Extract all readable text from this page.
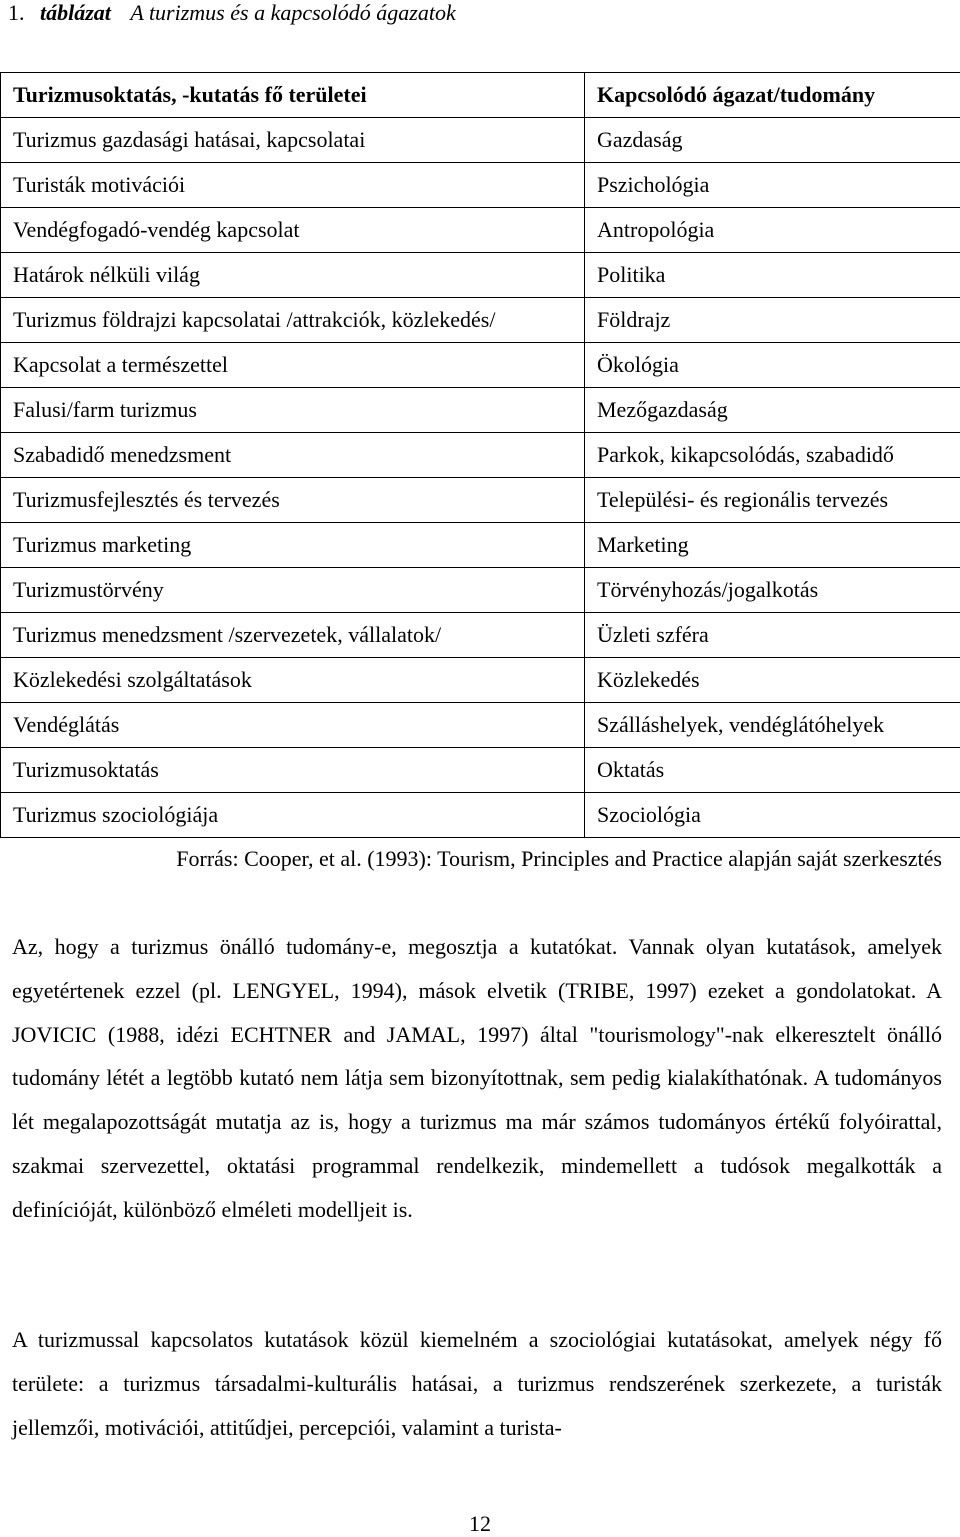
1. táblázat A turizmus és a kapcsolódó ágazatok
Turizmusoktatás, -kutatás fő területei	Kapcsolódó ágazat/tudomány
Turizmus gazdasági hatásai, kapcsolatai	Gazdaság
Turisták motivációi	Pszichológia
Vendégfogadó-vendég kapcsolat	Antropológia
Határok nélküli világ	Politika
Turizmus földrajzi kapcsolatai /attrakciók, közlekedés/	Földrajz
Kapcsolat a természettel	Ökológia
Falusi/farm turizmus	Mezőgazdaság
Szabadidő menedzsment	Parkok, kikapcsolódás, szabadidő
Turizmusfejlesztés és tervezés	Települési- és regionális tervezés
Turizmus marketing	Marketing
Turizmustörvény	Törvényhozás/jogalkotás
Turizmus menedzsment /szervezetek, vállalatok/	Üzleti szféra
Közlekedési szolgáltatások	Közlekedés
Vendéglátás	Szálláshelyek, vendéglátóhelyek
Turizmusoktatás	Oktatás
Turizmus szociológiája	Szociológia
Forrás: Cooper, et al. (1993): Tourism, Principles and Practice alapján saját szerkesztés

Az, hogy a turizmus önálló tudomány-e, megosztja a kutatókat. Vannak olyan kutatások, amelyek egyetértenek ezzel (pl. LENGYEL, 1994), mások elvetik (TRIBE, 1997) ezeket a gondolatokat. A JOVICIC (1988, idézi ECHTNER and JAMAL, 1997) által "tourismology"-nak elkeresztelt önálló tudomány létét a legtöbb kutató nem látja sem bizonyítottnak, sem pedig kialakíthatónak. A tudományos lét megalapozottságát mutatja az is, hogy a turizmus ma már számos tudományos értékű folyóirattal, szakmai szervezettel, oktatási programmal rendelkezik, mindemellett a tudósok megalkották a definícióját, különböző elméleti modelljeit is.

A turizmussal kapcsolatos kutatások közül kiemelném a szociológiai kutatásokat, amelyek négy fő területe: a turizmus társadalmi-kulturális hatásai, a turizmus rendszerének szerkezete, a turisták jellemzői, motivációi, attitűdjei, percepciói, valamint a turista-

12
